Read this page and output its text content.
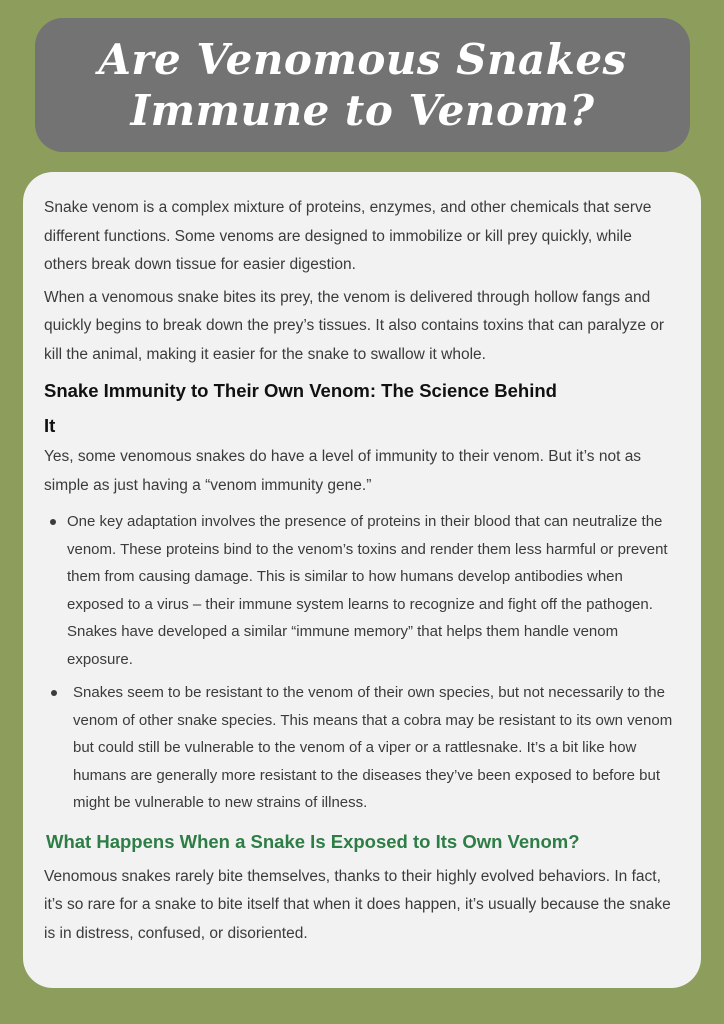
Are Venomous Snakes Immune to Venom?

Snake venom is a complex mixture of proteins, enzymes, and other chemicals that serve different functions. Some venoms are designed to immobilize or kill prey quickly, while others break down tissue for easier digestion.

When a venomous snake bites its prey, the venom is delivered through hollow fangs and quickly begins to break down the prey’s tissues. It also contains toxins that can paralyze or kill the animal, making it easier for the snake to swallow it whole.

Snake Immunity to Their Own Venom: The Science Behind It

Yes, some venomous snakes do have a level of immunity to their venom. But it’s not as simple as just having a “venom immunity gene.”

One key adaptation involves the presence of proteins in their blood that can neutralize the venom. These proteins bind to the venom’s toxins and render them less harmful or prevent them from causing damage. This is similar to how humans develop antibodies when exposed to a virus – their immune system learns to recognize and fight off the pathogen. Snakes have developed a similar “immune memory” that helps them handle venom exposure.
Snakes seem to be resistant to the venom of their own species, but not necessarily to the venom of other snake species. This means that a cobra may be resistant to its own venom but could still be vulnerable to the venom of a viper or a rattlesnake. It’s a bit like how humans are generally more resistant to the diseases they’ve been exposed to before but might be vulnerable to new strains of illness.
What Happens When a Snake Is Exposed to Its Own Venom?

Venomous snakes rarely bite themselves, thanks to their highly evolved behaviors. In fact, it’s so rare for a snake to bite itself that when it does happen, it’s usually because the snake is in distress, confused, or disoriented.
